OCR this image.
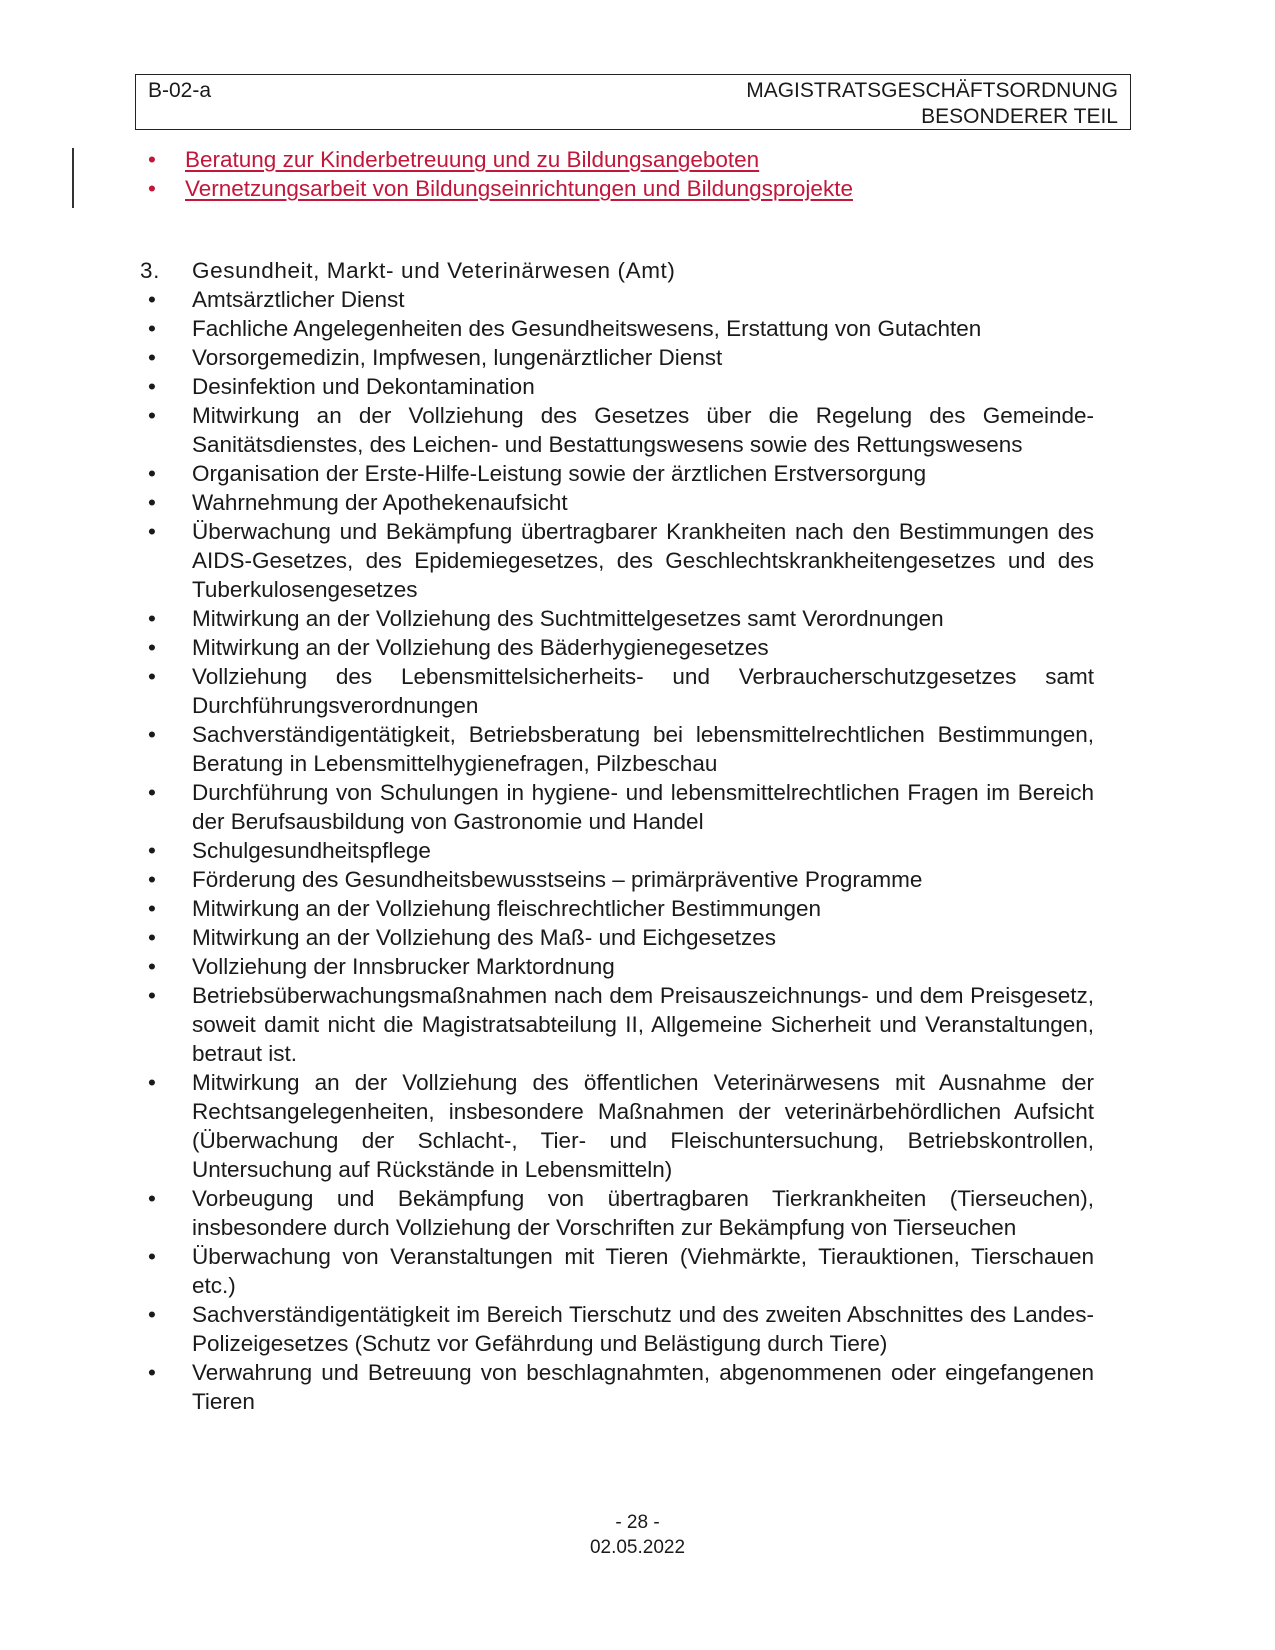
B-02-a	MAGISTRATSGESCHÄFTSORDNUNG
BESONDERER TEIL
•	Beratung zur Kinderbetreuung und zu Bildungsangeboten
•	Vernetzungsarbeit von Bildungseinrichtungen und Bildungsprojekte
3. Gesundheit, Markt- und Veterinärwesen (Amt)
•	Amtsärztlicher Dienst
•	Fachliche Angelegenheiten des Gesundheitswesens, Erstattung von Gutachten
•	Vorsorgemedizin, Impfwesen, lungenärztlicher Dienst
•	Desinfektion und Dekontamination
•	Mitwirkung an der Vollziehung des Gesetzes über die Regelung des Gemeinde-Sanitätsdienstes, des Leichen- und Bestattungswesens sowie des Rettungswesens
•	Organisation der Erste-Hilfe-Leistung sowie der ärztlichen Erstversorgung
•	Wahrnehmung der Apothekenaufsicht
•	Überwachung und Bekämpfung übertragbarer Krankheiten nach den Bestimmungen des AIDS-Gesetzes, des Epidemiegesetzes, des Geschlechtskrankheitengesetzes und des Tuberkulosengesetzes
•	Mitwirkung an der Vollziehung des Suchtmittelgesetzes samt Verordnungen
•	Mitwirkung an der Vollziehung des Bäderhygienegesetzes
•	Vollziehung des Lebensmittelsicherheits- und Verbraucherschutzgesetzes samt Durchführungsverordnungen
•	Sachverständigentätigkeit, Betriebsberatung bei lebensmittelrechtlichen Bestimmungen, Beratung in Lebensmittelhygienefragen, Pilzbeschau
•	Durchführung von Schulungen in hygiene- und lebensmittelrechtlichen Fragen im Bereich der Berufsausbildung von Gastronomie und Handel
•	Schulgesundheitspflege
•	Förderung des Gesundheitsbewusstseins – primärpräventive Programme
•	Mitwirkung an der Vollziehung fleischrechtlicher Bestimmungen
•	Mitwirkung an der Vollziehung des Maß- und Eichgesetzes
•	Vollziehung der Innsbrucker Marktordnung
•	Betriebsüberwachungsmaßnahmen nach dem Preisauszeichnungs- und dem Preisgesetz, soweit damit nicht die Magistratsabteilung II, Allgemeine Sicherheit und Veranstaltungen, betraut ist.
•	Mitwirkung an der Vollziehung des öffentlichen Veterinärwesens mit Ausnahme der Rechtsangelegenheiten, insbesondere Maßnahmen der veterinärbehördlichen Aufsicht (Überwachung der Schlacht-, Tier- und Fleischuntersuchung, Betriebskontrollen, Untersuchung auf Rückstände in Lebensmitteln)
•	Vorbeugung und Bekämpfung von übertragbaren Tierkrankheiten (Tierseuchen), insbesondere durch Vollziehung der Vorschriften zur Bekämpfung von Tierseuchen
•	Überwachung von Veranstaltungen mit Tieren (Viehmärkte, Tierauktionen, Tierschauen etc.)
•	Sachverständigentätigkeit im Bereich Tierschutz und des zweiten Abschnittes des Landes-Polizeigesetzes (Schutz vor Gefährdung und Belästigung durch Tiere)
•	Verwahrung und Betreuung von beschlagnahmten, abgenommenen oder eingefangenen Tieren
- 28 -
02.05.2022
